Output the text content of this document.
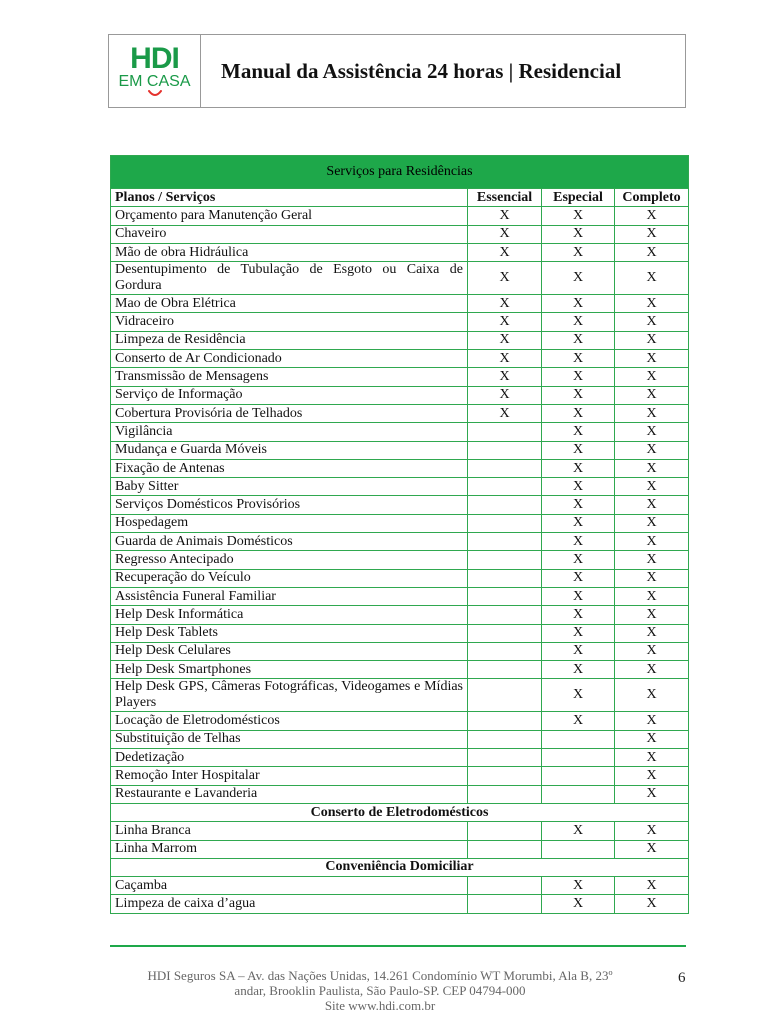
HDI
EM CASA	Manual da Assistência 24 horas | Residencial
Serviços para Residências			
Planos / Serviços	Essencial	Especial	Completo
Orçamento para Manutenção Geral	X	X	X
Chaveiro	X	X	X
Mão de obra Hidráulica	X	X	X
Desentupimento de Tubulação de Esgoto ou Caixa de Gordura	X	X	X
Mao de Obra Elétrica	X	X	X
Vidraceiro	X	X	X
Limpeza de Residência	X	X	X
Conserto de Ar Condicionado	X	X	X
Transmissão de Mensagens	X	X	X
Serviço de Informação	X	X	X
Cobertura Provisória de Telhados	X	X	X
Vigilância		X	X
Mudança e Guarda Móveis		X	X
Fixação de Antenas		X	X
Baby Sitter		X	X
Serviços Domésticos Provisórios		X	X
Hospedagem		X	X
Guarda de Animais Domésticos		X	X
Regresso Antecipado		X	X
Recuperação do Veículo		X	X
Assistência Funeral Familiar		X	X
Help Desk Informática		X	X
Help Desk Tablets		X	X
Help Desk Celulares		X	X
Help Desk Smartphones		X	X
Help Desk GPS, Câmeras Fotográficas, Videogames e Mídias Players		X	X
Locação de Eletrodomésticos		X	X
Substituição de Telhas			X
Dedetização			X
Remoção Inter Hospitalar			X
Restaurante e Lavanderia			X
Conserto de Eletrodomésticos			
Linha Branca		X	X
Linha Marrom			X
Conveniência Domiciliar			
Caçamba		X	X
Limpeza de caixa d’agua		X	X
HDI Seguros SA – Av. das Nações Unidas, 14.261 Condomínio WT Morumbi, Ala B, 23º
andar, Brooklin Paulista, São Paulo-SP. CEP 04794-000
Site www.hdi.com.br
6
